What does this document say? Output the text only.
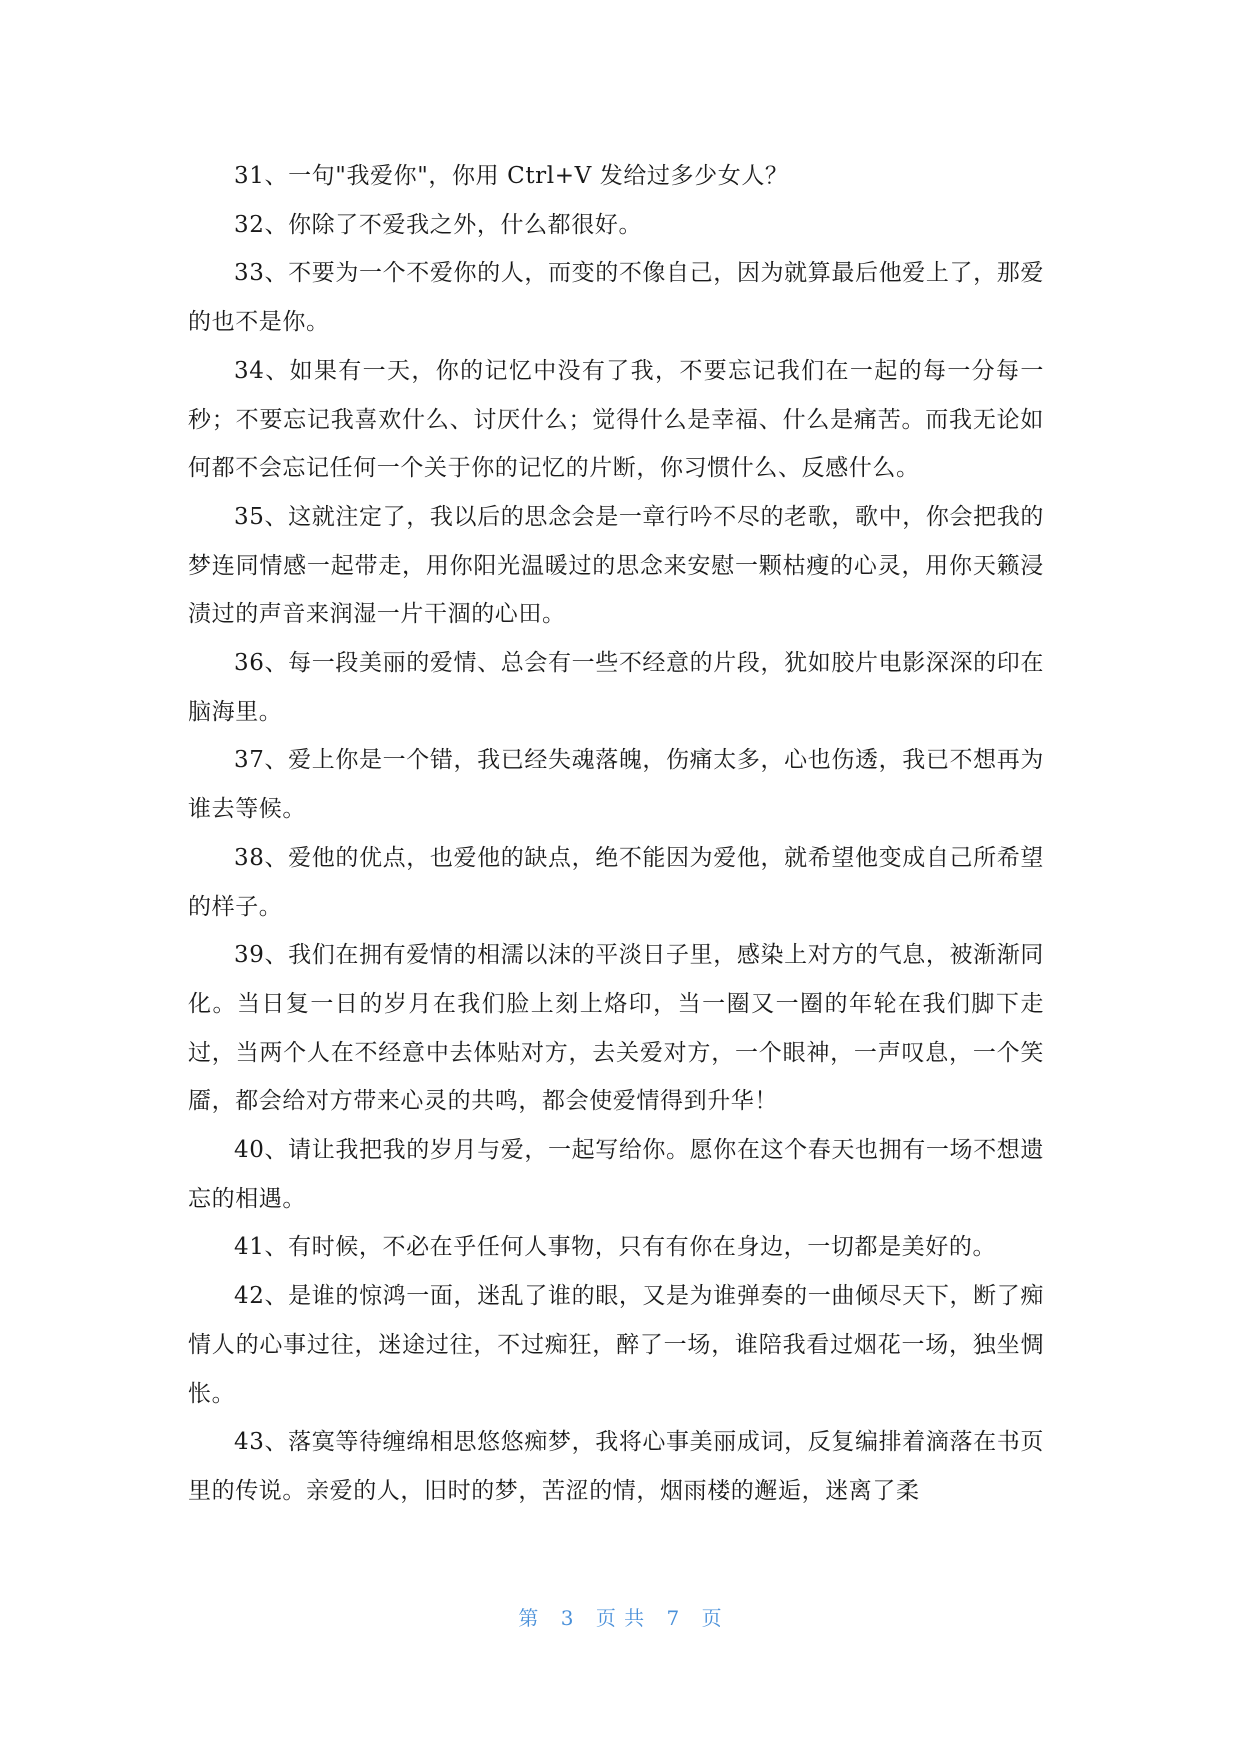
31、一句"我爱你"，你用 Ctrl+V 发给过多少女人？

32、你除了不爱我之外，什么都很好。

33、不要为一个不爱你的人，而变的不像自己，因为就算最后他爱上了，那爱的也不是你。

34、如果有一天，你的记忆中没有了我，不要忘记我们在一起的每一分每一秒；不要忘记我喜欢什么、讨厌什么；觉得什么是幸福、什么是痛苦。而我无论如何都不会忘记任何一个关于你的记忆的片断，你习惯什么、反感什么。

35、这就注定了，我以后的思念会是一章行吟不尽的老歌，歌中，你会把我的梦连同情感一起带走，用你阳光温暖过的思念来安慰一颗枯瘦的心灵，用你天籁浸渍过的声音来润湿一片干涸的心田。

36、每一段美丽的爱情、总会有一些不经意的片段，犹如胶片电影深深的印在脑海里。

37、爱上你是一个错，我已经失魂落魄，伤痛太多，心也伤透，我已不想再为谁去等候。

38、爱他的优点，也爱他的缺点，绝不能因为爱他，就希望他变成自己所希望的样子。

39、我们在拥有爱情的相濡以沫的平淡日子里，感染上对方的气息，被渐渐同化。当日复一日的岁月在我们脸上刻上烙印，当一圈又一圈的年轮在我们脚下走过，当两个人在不经意中去体贴对方，去关爱对方，一个眼神，一声叹息，一个笑靥，都会给对方带来心灵的共鸣，都会使爱情得到升华！

40、请让我把我的岁月与爱，一起写给你。愿你在这个春天也拥有一场不想遗忘的相遇。

41、有时候，不必在乎任何人事物，只有有你在身边，一切都是美好的。

42、是谁的惊鸿一面，迷乱了谁的眼，又是为谁弹奏的一曲倾尽天下，断了痴情人的心事过往，迷途过往，不过痴狂，醉了一场，谁陪我看过烟花一场，独坐惆怅。

43、落寞等待缠绵相思悠悠痴梦，我将心事美丽成词，反复编排着滴落在书页里的传说。亲爱的人，旧时的梦，苦涩的情，烟雨楼的邂逅，迷离了柔

第 3 页 共 7 页
